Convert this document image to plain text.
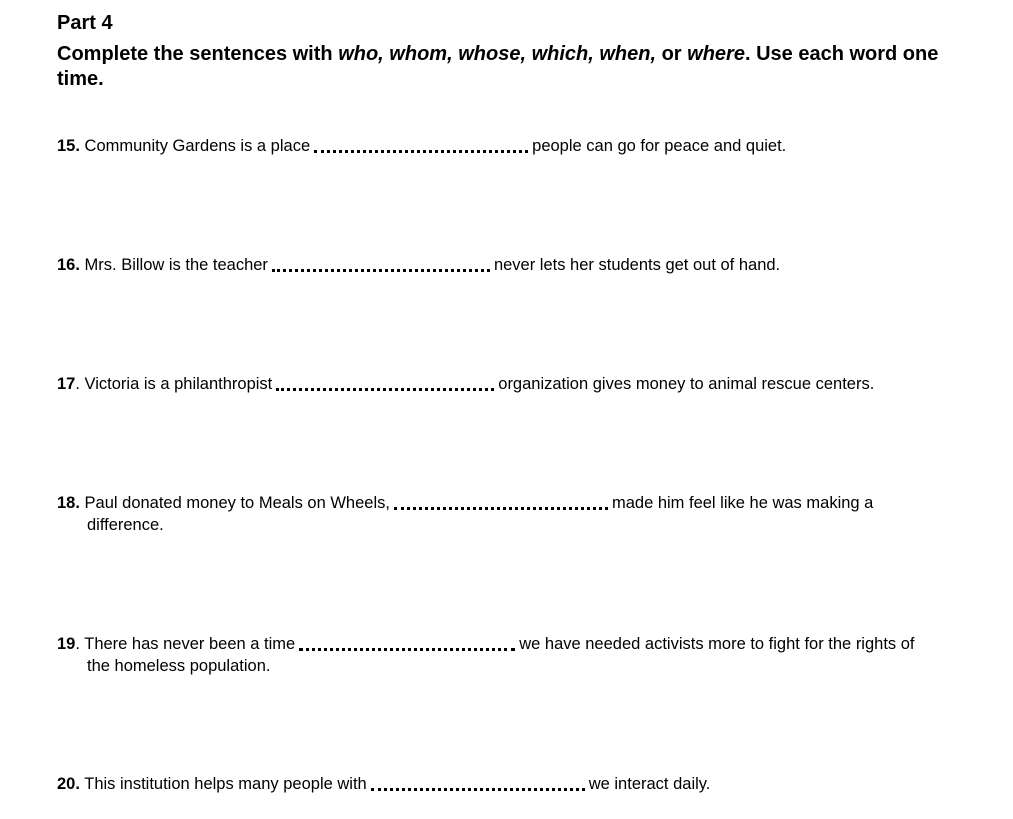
Part 4
Complete the sentences with who, whom, whose, which, when, or where. Use each word one time.
15. Community Gardens is a place	people can go for peace and quiet.
16. Mrs. Billow is the teacher	never lets her students get out of hand.
17. Victoria is a philanthropist	organization gives money to animal rescue centers.
18. Paul donated money to Meals on Wheels,	made him feel like he was making a
difference.
19. There has never been a time	we have needed activists more to fight for the rights of
the homeless population.
20. This institution helps many people with	we interact daily.
